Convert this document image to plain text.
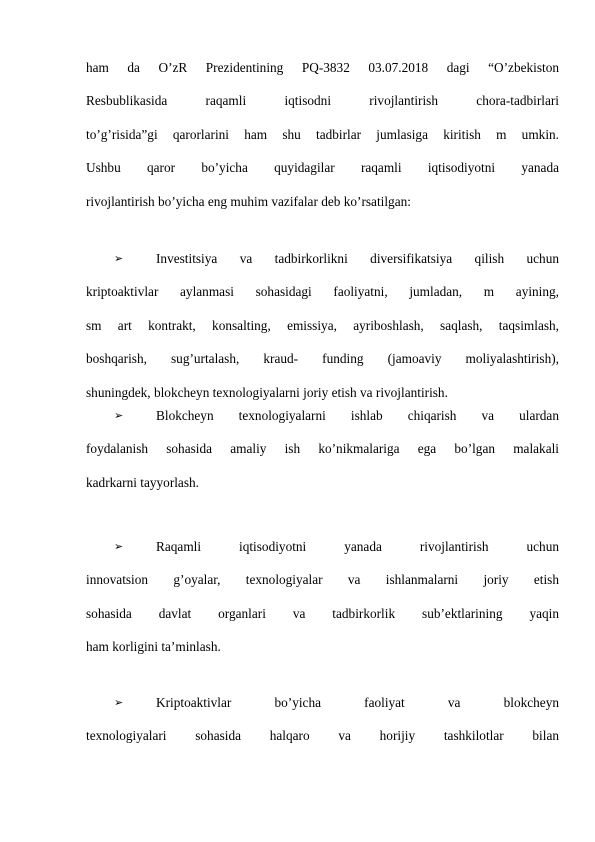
ham da O’zR Prezidentining PQ-3832 03.07.2018 dagi “O’zbekiston
Resbublikasida raqamli iqtisodni rivojlantirish chora-tadbirlari
to’g’risida”gi qarorlarini ham shu tadbirlar jumlasiga kiritish m umkin.
Ushbu qaror bo’yicha quyidagilar raqamli iqtisodiyotni yanada
rivojlantirish bo’yicha eng muhim vazifalar deb ko’rsatilgan:
➢	Investitsiya va tadbirkorlikni diversifikatsiya qilish uchun
kriptoaktivlar aylanmasi sohasidagi faoliyatni, jumladan, m ayining,
sm art kontrakt, konsalting, emissiya, ayriboshlash, saqlash, taqsimlash,
boshqarish, sug’urtalash, kraud- funding (jamoaviy moliyalashtirish),
shuningdek, blokcheyn texnologiyalarni joriy etish va rivojlantirish.
➢	Blokcheyn texnologiyalarni ishlab chiqarish va ulardan
foydalanish sohasida amaliy ish ko’nikmalariga ega bo’lgan malakali
kadrkarni tayyorlash.
➢	Raqamli iqtisodiyotni yanada rivojlantirish uchun
innovatsion g’oyalar, texnologiyalar va ishlanmalarni joriy etish
sohasida davlat organlari va tadbirkorlik sub’ektlarining yaqin
ham korligini ta’minlash.
➢	Kriptoaktivlar bo’yicha faoliyat va blokcheyn
texnologiyalari sohasida halqaro va horijiy tashkilotlar bilan
